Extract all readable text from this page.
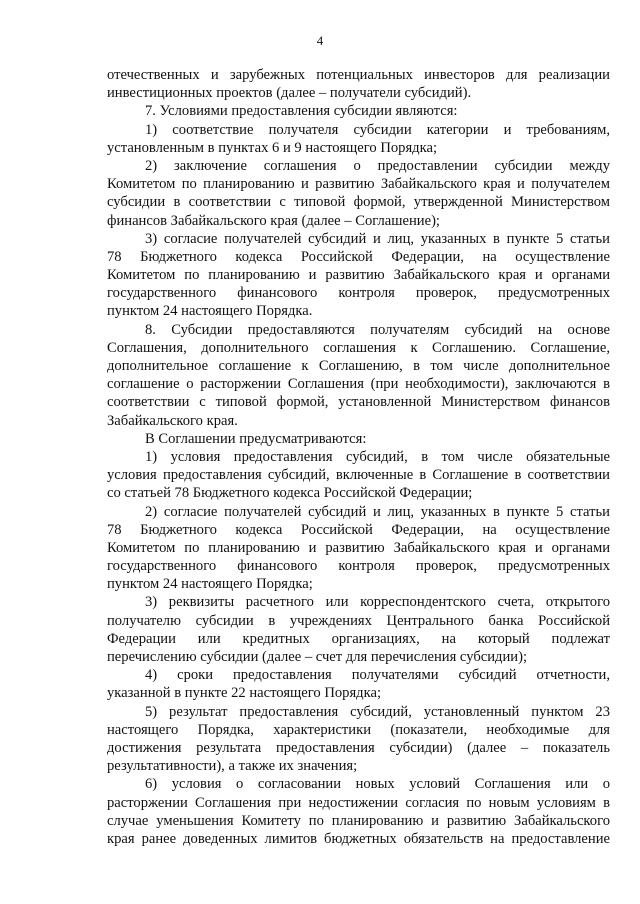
4
отечественных и зарубежных потенциальных инвесторов для реализации
инвестиционных проектов (далее – получатели субсидий).
7. Условиями предоставления субсидии являются:
1) соответствие получателя субсидии категории и требованиям,
установленным в пунктах 6 и 9 настоящего Порядка;
2) заключение соглашения о предоставлении субсидии между
Комитетом по планированию и развитию Забайкальского края и получателем
субсидии в соответствии с типовой формой, утвержденной Министерством
финансов Забайкальского края (далее – Соглашение);
3) согласие получателей субсидий и лиц, указанных в пункте 5 статьи
78 Бюджетного кодекса Российской Федерации, на осуществление
Комитетом по планированию и развитию Забайкальского края и органами
государственного финансового контроля проверок, предусмотренных
пунктом 24 настоящего Порядка.
8. Субсидии предоставляются получателям субсидий на основе
Соглашения, дополнительного соглашения к Соглашению. Соглашение,
дополнительное соглашение к Соглашению, в том числе дополнительное
соглашение о расторжении Соглашения (при необходимости), заключаются в
соответствии с типовой формой, установленной Министерством финансов
Забайкальского края.
В Соглашении предусматриваются:
1) условия предоставления субсидий, в том числе обязательные
условия предоставления субсидий, включенные в Соглашение в соответствии
со статьей 78 Бюджетного кодекса Российской Федерации;
2) согласие получателей субсидий и лиц, указанных в пункте 5 статьи
78 Бюджетного кодекса Российской Федерации, на осуществление
Комитетом по планированию и развитию Забайкальского края и органами
государственного финансового контроля проверок, предусмотренных
пунктом 24 настоящего Порядка;
3) реквизиты расчетного или корреспондентского счета, открытого
получателю субсидии в учреждениях Центрального банка Российской
Федерации или кредитных организациях, на который подлежат
перечислению субсидии (далее – счет для перечисления субсидии);
4) сроки предоставления получателями субсидий отчетности,
указанной в пункте 22 настоящего Порядка;
5) результат предоставления субсидий, установленный пунктом 23
настоящего Порядка, характеристики (показатели, необходимые для
достижения результата предоставления субсидии) (далее – показатель
результативности), а также их значения;
6) условия о согласовании новых условий Соглашения или о
расторжении Соглашения при недостижении согласия по новым условиям в
случае уменьшения Комитету по планированию и развитию Забайкальского
края ранее доведенных лимитов бюджетных обязательств на предоставление
